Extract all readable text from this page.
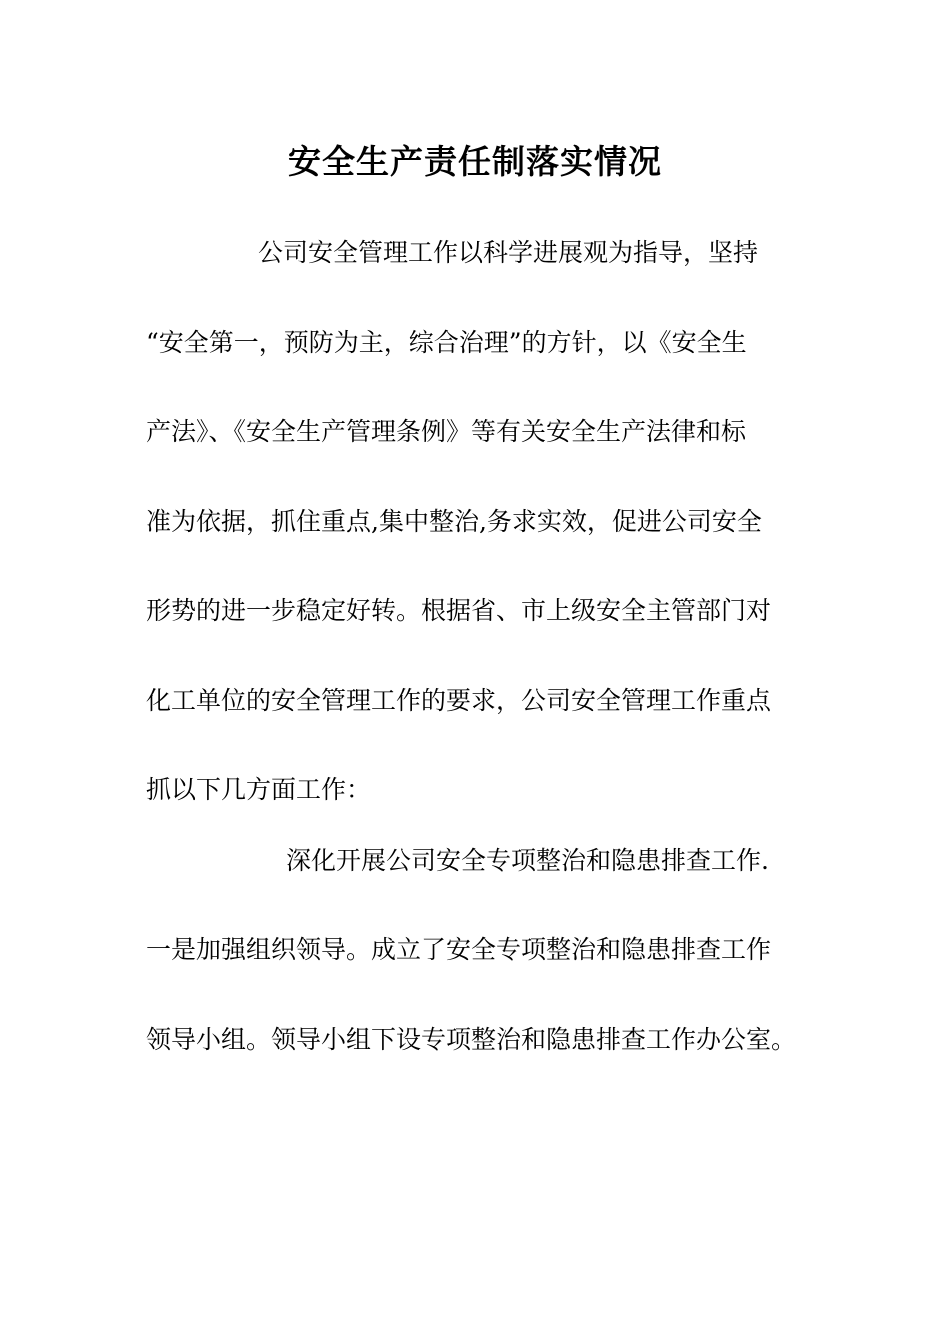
安全生产责任制落实情况

公司安全管理工作以科学进展观为指导，坚持

“安全第一，预防为主，综合治理”的方针，以《安全生

产法》、《安全生产管理条例》等有关安全生产法律和标

准为依据，抓住重点,集中整治,务求实效，促进公司安全

形势的进一步稳定好转。根据省、市上级安全主管部门对

化工单位的安全管理工作的要求，公司安全管理工作重点

抓以下几方面工作：

深化开展公司安全专项整治和隐患排查工作.

一是加强组织领导。成立了安全专项整治和隐患排查工作

领导小组。领导小组下设专项整治和隐患排查工作办公室。
